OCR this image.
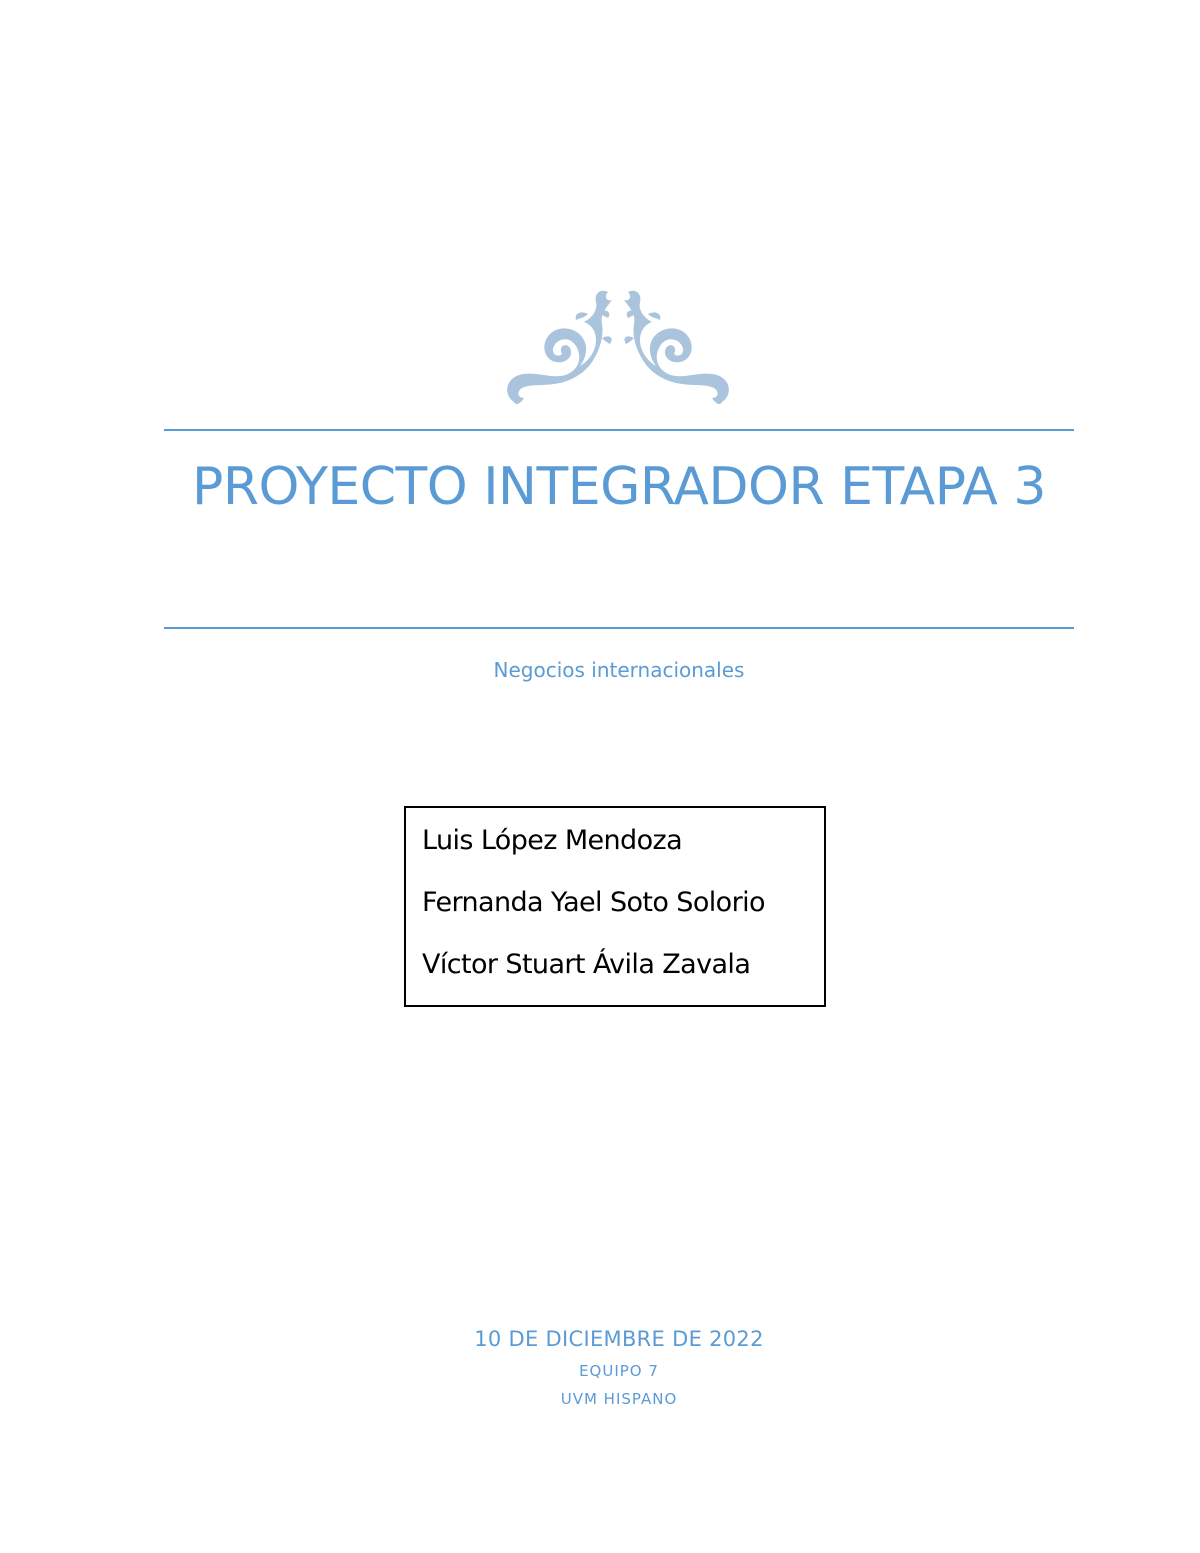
PROYECTO INTEGRADOR ETAPA 3
Negocios internacionales
Luis López Mendoza
Fernanda Yael Soto Solorio
Víctor Stuart Ávila Zavala
10 DE DICIEMBRE DE 2022
EQUIPO 7
UVM HISPANO
